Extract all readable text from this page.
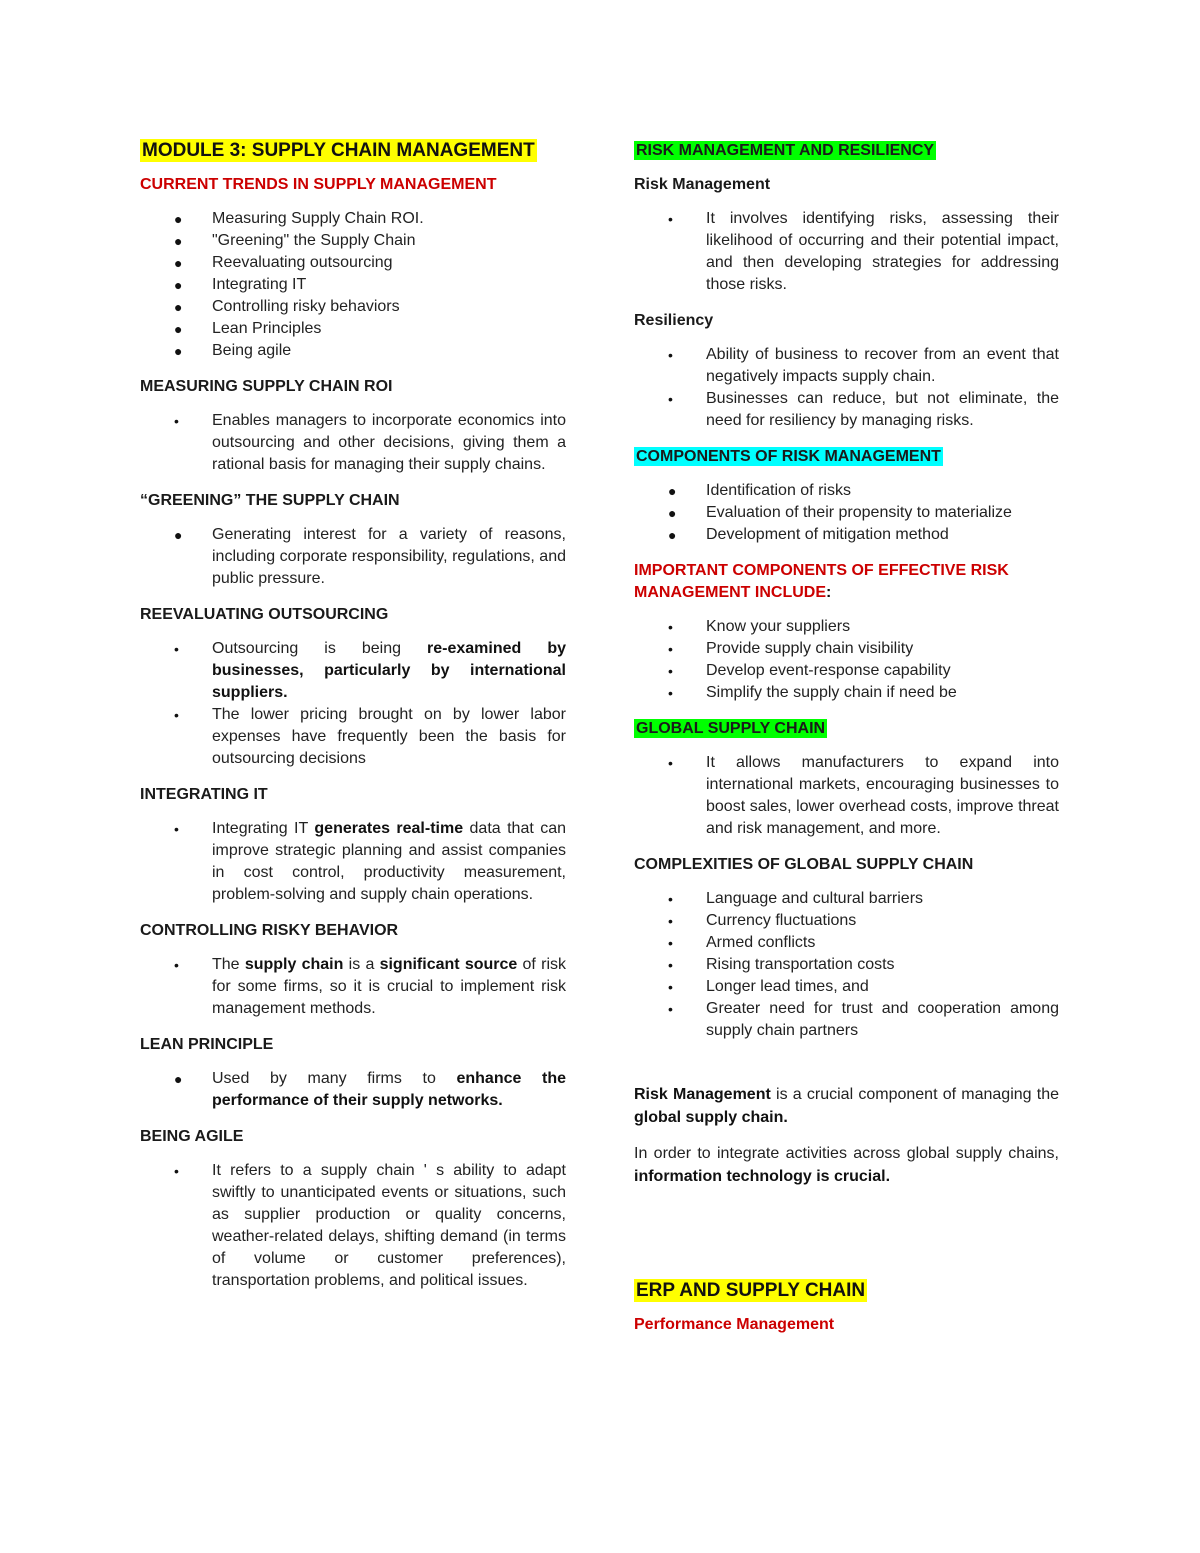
MODULE 3: SUPPLY CHAIN MANAGEMENT
CURRENT TRENDS IN SUPPLY MANAGEMENT
● Measuring Supply Chain ROI.
● "Greening" the Supply Chain
● Reevaluating outsourcing
● Integrating IT
● Controlling risky behaviors
● Lean Principles
● Being agile
MEASURING SUPPLY CHAIN ROI
• Enables managers to incorporate economics into outsourcing and other decisions, giving them a rational basis for managing their supply chains.
“GREENING” THE SUPPLY CHAIN
● Generating interest for a variety of reasons, including corporate responsibility, regulations, and public pressure.
REEVALUATING OUTSOURCING
• Outsourcing is being re-examined by businesses, particularly by international suppliers.
• The lower pricing brought on by lower labor expenses have frequently been the basis for outsourcing decisions
INTEGRATING IT
• Integrating IT generates real-time data that can improve strategic planning and assist companies in cost control, productivity measurement, problem-solving and supply chain operations.
CONTROLLING RISKY BEHAVIOR
• The supply chain is a significant source of risk for some firms, so it is crucial to implement risk management methods.
LEAN PRINCIPLE
● Used by many firms to enhance the performance of their supply networks.
BEING AGILE
• It refers to a supply chain ' s ability to adapt swiftly to unanticipated events or situations, such as supplier production or quality concerns, weather-related delays, shifting demand (in terms of volume or customer preferences), transportation problems, and political issues.
RISK MANAGEMENT AND RESILIENCY
Risk Management
• It involves identifying risks, assessing their likelihood of occurring and their potential impact, and then developing strategies for addressing those risks.
Resiliency
• Ability of business to recover from an event that negatively impacts supply chain.
• Businesses can reduce, but not eliminate, the need for resiliency by managing risks.
COMPONENTS OF RISK MANAGEMENT
● Identification of risks
● Evaluation of their propensity to materialize
● Development of mitigation method
IMPORTANT COMPONENTS OF EFFECTIVE RISK MANAGEMENT INCLUDE:
• Know your suppliers
• Provide supply chain visibility
• Develop event-response capability
• Simplify the supply chain if need be
GLOBAL SUPPLY CHAIN
• It allows manufacturers to expand into international markets, encouraging businesses to boost sales, lower overhead costs, improve threat and risk management, and more.
COMPLEXITIES OF GLOBAL SUPPLY CHAIN
• Language and cultural barriers
• Currency fluctuations
• Armed conflicts
• Rising transportation costs
• Longer lead times, and
• Greater need for trust and cooperation among supply chain partners

Risk Management is a crucial component of managing the global supply chain.

In order to integrate activities across global supply chains, information technology is crucial.

ERP AND SUPPLY CHAIN
Performance Management
